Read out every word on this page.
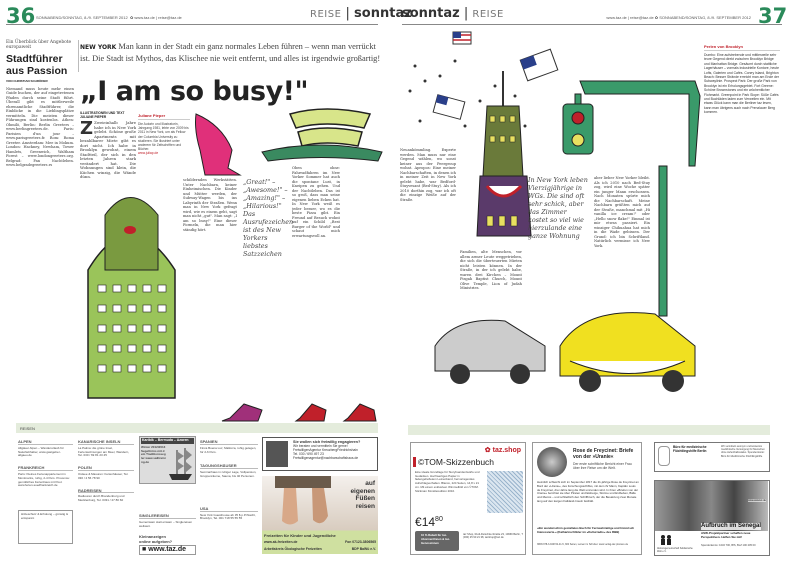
36 SONNABEND/SONNTAG, 8./9. SEPTEMBER 2012  ✿ www.taz.de | reise@taz.de	REISE | sonntaz
sonntaz | REISE	www.taz.de | reise@taz.de ✿ SONNABEND/SONNTAG, 8./9. SEPTEMBER 2012 37
Ein Überblick über Angebote europaweit
Stadtführer aus Passion
VON CHRISTIAN SCHRÖDER
Niemand muss heute mehr einen Guide buchen, der auf eingetretenen Pfaden durch seine Stadt führt. Überall gibt es mittlerweile ehrenamtliche Stadtführer, die Einblicke in die Lieblingsplätze vermitteln. Die meisten dieser Führungen sind kostenlos. Athen: Ohmilö, Berlin: Berlin Greeters – www.berlingreeters.de. Paris: Parisien d'un jour – www.parisgreeters.fr. Rom: Roma Greeter. Amsterdam: Mee in Mokum. London: Hackney, Newham, Tower Hamlets, Greenwich, Waltham Forest – www.londongreeters.org. Belgrad: Fan Nachtleben. www.belgradegreeters.rs
NEW YORK Man kann in der Stadt ein ganz normales Leben führen – wenn man verrückt ist. Die Stadt ist Mythos, das Klischee nie weit entfernt, und alles ist irgendwie großartig!
„I am so busy!"
ILLUSTRATIONEN UND TEXT JULIANE PIEPER
Z Zweieinhalb Jahre habe ich in New York gelebt. Schöne große Apartments mit bezahlbarer Miete gibt es dort nicht. Ich habe in Brooklyn gewohnt, einem Stadtteil, der sich in den letzten Jahren stark verändert hat. Die Wohnungen sind klein, die Küchen winzig, die Wände dünn.
Juliane Pieper
Die Autorin und Illustratorin, Jahrgang 1981, lebte von 2009 bis 2011 in New York, um als Fellow der Columbia University zu studieren. Sie illustriert unter anderem für Zeitschriften und Bücher.
www.juliap.de
schildernden Werkstätten. Unter Nachbarn, keiner Einheimischen. Die Kinder und Mütter werden, der Subway-Wagen bis ins Labyrinth der Straßen. Wenn man in New York gefragt wird, wie es einem geht, sagt man nicht „gut". Man sagt: „I am so busy!" Eine dieser Formeln, die man hier ständig hört.
„Great!" – „Awesome!" – „Amazing!" – „Hilarious!" Das Ausrufezeichen ist des New Yorkers liebstes Satzzeichen
Oben ohne: Fahrradfahren im New Yorker Sommer hat auch die spontane Lust, in Kneipen zu gehen. Und der Nachtleben. Das ist so groß, dass man seine eigenen lieben Ecken hat. In New York weiß es jeder besser, wo es die beste Pizza gibt. Ein Freund auf Besuch wohnt auf ein Schild „Best Burger of the World" und schaut mich erwartungsvoll an.
Neuankömmling. Experte werden. Man muss nur eine Gegend wählen, wo sonst keiner aus der Peergroup wohnt. Apropos: Eine meiner Nachbarschaften, in denen ich in meiner Zeit in New York gelebt habe, war Bedford-Stuyvesant (Bed-Stuy). Als ich 2010 dorthin zog, war ich oft die einzige Weiße auf der Straße.
Familien, alte Menschen, vor allem armer Leute weggetrieben, die sich die überteuerten Mieten nicht leisten können. In der Straße, in der ich gelebt habe, waren drei Kirchen – Mount Pisgah Baptist Church, Mount Olive Temple, Lion of Judah Ministries.
In New York leben Vierzigjährige in WGs. Die sind oft sehr schick, aber das Zimmer kostet so viel wie hierzulande eine ganze Wohnung
aber lieber New Yorker bleibt. Als ich 2010 nach Bed-Stuy zog, wird eine Woche später ein junger Mann erschossen. Nach Monaten spürte mich die Nachbarschaft. Meine Nachbarn grüßten mich auf der Straße, manchmal mit „Hi vanilla ice cream!" oder „Hello snow flake!" Einmal ist mir etwas passiert. Ein winziger Chihuahua hat mich in die Wade gebissen. Der Grund: ich bin Schriftland. Natürlich vermisse ich New York.
Perlen von Brooklyn
Dumbo: Eine aufstrebende und mittlerweile sehr teure Gegend direkt zwischen Brooklyn Bridge und Manhattan Bridge. Gesäumt durch stattliche Lagerhäuser – vormals industrielle Kontore, heute Lofts, Galerien und Cafés. Coney Island, Brighton Beach: Besser Strände erreicht man am Ende der Subwaylinie. Prospect Park: Der große Park von Brooklyn ist ein Erholungsgebiet. Fort Greene: Schöne Brownstones und ein wöchentlicher Flohmarkt. Greenpoint in Park Slope: Süße Cafés und Buchläden laden zum Verweilen ein. Mit etwas Glück kann man die Berliner taz lesen, kann man übrigens auch nach Prenzlauer Berg kommen.
REISEN
ALPEN
Allgäuer Alpen – Wanderurlaub für Naturliebhaber, www.gastgeber-allgaeu.de
FRANKREICH
Paris: Kleines Ferienappartement in Montmartre, ruhig, 2-4 Pers. Provence: gemütliches Ferienhaus mit Pool. www.ferien-suedfrankreich.de
Hitzeschutz & Erholung – günstig & entspannt
KANARISCHE INSELN
La Palma: die grüne Insel, Ferienwohnungen am Meer, Wandern, Tel. 030 / 69 81 23 45
POLEN
Ostsee & Masuren: Ferienhäuser, Tel. 030 / 4 56 78 90
RADREISEN
Radtouren durch Brandenburg und Mecklenburg, Tel. 0331 / 27 80 60
Karibik – Bermuda – Azoren
Winter 2012/2013 Segeltörns mit dem Traditionssegler www.sailtraining.de
SINGLEREISEN
Gemeinsam statt einsam – Singlereisen weltweit.
Kleinanzeigen
online aufgeben?
■ www.taz.de
SPANIEN
Finca Buena Luz, Mallorca, ruhig gelegen, für 2-6 Pers.
TAGUNGSHÄUSER
Seminarhaus in ruhiger Lage, Vollpension, Gruppenräume, Sauna, bis 40 Personen.
USA
New York Guesthouse ab 35 $ p.P./Nacht, Brooklyn, Tel. 001 718 55 55 55
Sie wollen sich freiwillig engagieren?
Wir beraten und vermitteln Sie gerne!
FreiwilligenAgentur KreuzbergFriedrichshain
Tel. 030 / 690 497 23
Freiwilligenagentur@nachbarschaftshaus.de
auf eigenen Füßen reisen
Freizeiten für Kinder und Jugendliche
www.ak-freizeiten.de	Fon 07123-3806565
Arbeitskreis Ökologische Freizeiten	BDP BaWü e.V.
✿ taz.shop
©TOM-Skizzenbuch
Eine ideale Grundlage für Storyboardentwürfe und Gedanken. Hochwertiges Papier in fadengeheftetem Leinenband, hervorragendes Aufschlagverhalten. Blanco, 224 Seiten, 14,8 x 21 cm. Mit einem exklusiven Wimmelbild von ©TOM. Stickman Künstleredition 2010.
$€14^{80}$
10 % Rabatt für taz-AbonnentInnen & taz-Genossinnen
taz Shop, Rudi-Dutschke-Straße 23, 10969 Berlin, T (030) 25 90 21 38, tazshop@taz.de
Rose de Freycinet: Briefe von der »Uranie«
Der erste schriftliche Bericht einer Frau über ihre Reise um die Welt.
Heimlich schleicht sich im September 1817 die 21-jährige Rose de Freycinet an Bord der »Uranie«, des Forschungsschiffes, mit dem ihr Mann, Kapitän Louis de Freycinet, drei Jahre lang die Welt umrunden wird. In ihren »Briefen von der Uranie« berichtet sie über Piraten und Eisberge, Stürme und Erdbeben, Bälle und Menüs – und schließlich den Schiffbruch, der die Besatzung zwei Monate lang auf den kargen Falkland-Inseln festhält.
»Ein wunderschön gestaltetes Buch für Fernwehmütige und historisch Interessierte.« (Katharina Döbler im »Kulturradio« des RBB)
ISBN 978-3-940722-41-5, 384 Seiten, Leinen im Schuber. www.verlag-der-pioniere.de
Büro für medizinische Flüchtlingshilfe Berlin
Wir vermitteln anonym und kostenlos medizinische Versorgung für Menschen ohne Aufenthaltsstatus. Spendenkonto: Büro für Medizinische Flüchtlingshilfe
www.aswnet.de
Aufbruch im Senegal
ASW-Projektpartner schaffen neue Perspektiven. Helfen Sie mit!
Aktionsgemeinschaft Solidarische Welt e.V.
Spendenkonto: 1032 700, BfS, BLZ 100 205 00
